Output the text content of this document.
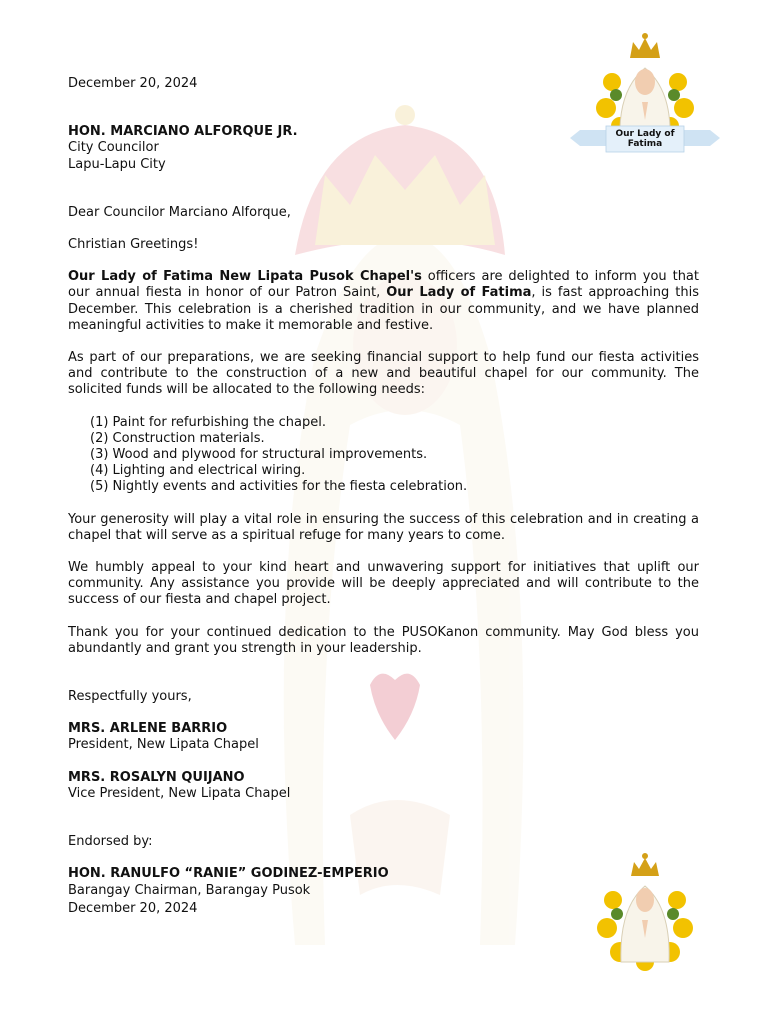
Our Lady of
Fatima

December 20, 2024

HON. MARCIANO ALFORQUE JR.

City Councilor

Lapu-Lapu City

Dear Councilor Marciano Alforque,

Christian Greetings!

Our Lady of Fatima New Lipata Pusok Chapel's officers are delighted to inform you that our annual fiesta in honor of our Patron Saint, Our Lady of Fatima, is fast approaching this December. This celebration is a cherished tradition in our community, and we have planned meaningful activities to make it memorable and festive.

As part of our preparations, we are seeking financial support to help fund our fiesta activities and contribute to the construction of a new and beautiful chapel for our community. The solicited funds will be allocated to the following needs:

(1) Paint for refurbishing the chapel.
(2) Construction materials.
(3) Wood and plywood for structural improvements.
(4) Lighting and electrical wiring.
(5) Nightly events and activities for the fiesta celebration.

Your generosity will play a vital role in ensuring the success of this celebration and in creating a chapel that will serve as a spiritual refuge for many years to come.

We humbly appeal to your kind heart and unwavering support for initiatives that uplift our community. Any assistance you provide will be deeply appreciated and will contribute to the success of our fiesta and chapel project.

Thank you for your continued dedication to the PUSOKanon community. May God bless you abundantly and grant you strength in your leadership.

Respectfully yours,

MRS. ARLENE BARRIO

President, New Lipata Chapel

MRS. ROSALYN QUIJANO

Vice President, New Lipata Chapel

Endorsed by:

HON. RANULFO “RANIE” GODINEZ-EMPERIO

Barangay Chairman, Barangay Pusok

December 20, 2024
